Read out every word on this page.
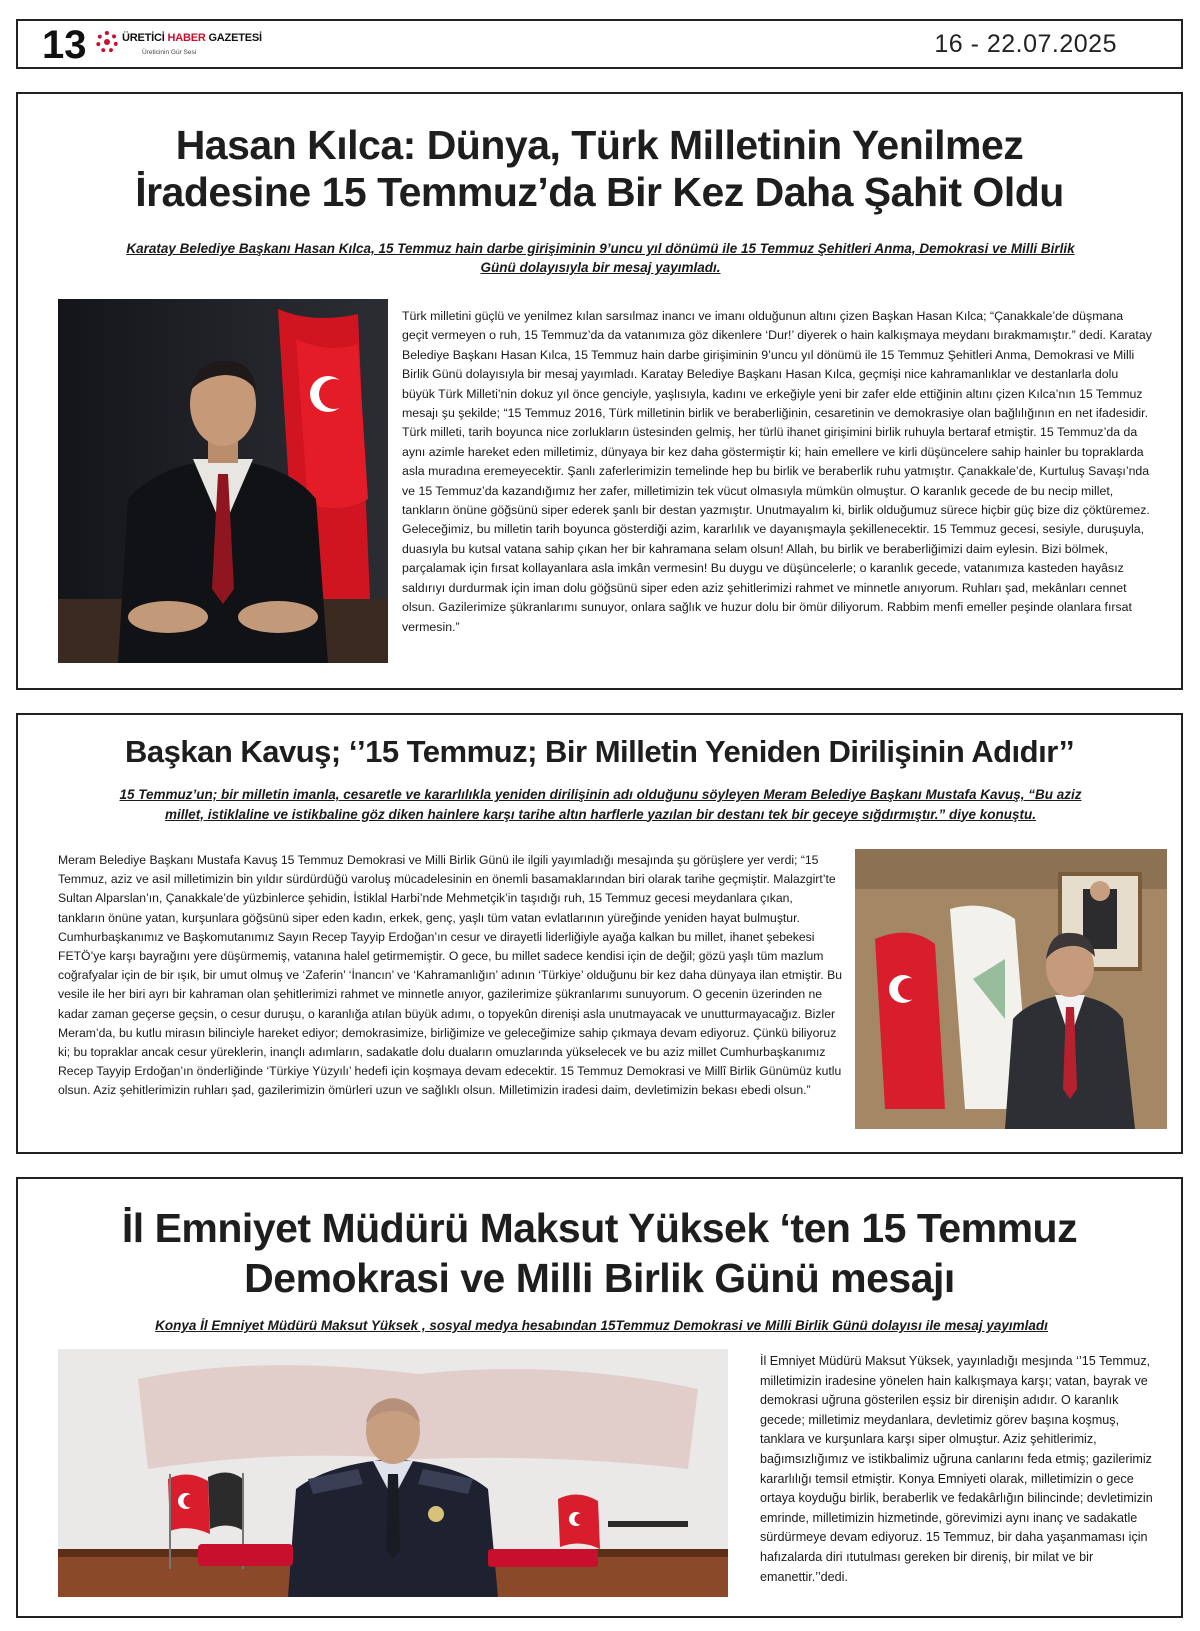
13	ÜRETİCİ HABER GAZETESİ
Üreticinin Gür Sesi	16 - 22.07.2025
Hasan Kılca: Dünya, Türk Milletinin Yenilmez
İradesine 15 Temmuz’da Bir Kez Daha Şahit Oldu
Karatay Belediye Başkanı Hasan Kılca, 15 Temmuz hain darbe girişiminin 9’uncu yıl dönümü ile 15 Temmuz Şehitleri Anma, Demokrasi ve Milli Birlik Günü dolayısıyla bir mesaj yayımladı.
Türk milletini güçlü ve yenilmez kılan sarsılmaz inancı ve imanı olduğunun altını çizen Başkan Hasan Kılca; “Çanakkale’de düşmana geçit vermeyen o ruh, 15 Temmuz’da da vatanımıza göz dikenlere ‘Dur!’ diyerek o hain kalkışmaya meydanı bırakmamıştır.” dedi. Karatay Belediye Başkanı Hasan Kılca, 15 Temmuz hain darbe girişiminin 9’uncu yıl dönümü ile 15 Temmuz Şehitleri Anma, Demokrasi ve Milli Birlik Günü dolayısıyla bir mesaj yayımladı. Karatay Belediye Başkanı Hasan Kılca, geçmişi nice kahramanlıklar ve destanlarla dolu büyük Türk Milleti’nin dokuz yıl önce genciyle, yaşlısıyla, kadını ve erkeğiyle yeni bir zafer elde ettiğinin altını çizen Kılca’nın 15 Temmuz mesajı şu şekilde; “15 Temmuz 2016, Türk milletinin birlik ve beraberliğinin, cesaretinin ve demokrasiye olan bağlılığının en net ifadesidir. Türk milleti, tarih boyunca nice zorlukların üstesinden gelmiş, her türlü ihanet girişimini birlik ruhuyla bertaraf etmiştir. 15 Temmuz’da da aynı azimle hareket eden milletimiz, dünyaya bir kez daha göstermiştir ki; hain emellere ve kirli düşüncelere sahip hainler bu topraklarda asla muradına eremeyecektir. Şanlı zaferlerimizin temelinde hep bu birlik ve beraberlik ruhu yatmıştır. Çanakkale’de, Kurtuluş Savaşı’nda ve 15 Temmuz’da kazandığımız her zafer, milletimizin tek vücut olmasıyla mümkün olmuştur. O karanlık gecede de bu necip millet, tankların önüne göğsünü siper ederek şanlı bir destan yazmıştır. Unutmayalım ki, birlik olduğumuz sürece hiçbir güç bize diz çöktüremez. Geleceğimiz, bu milletin tarih boyunca gösterdiği azim, kararlılık ve dayanışmayla şekillenecektir. 15 Temmuz gecesi, sesiyle, duruşuyla, duasıyla bu kutsal vatana sahip çıkan her bir kahramana selam olsun! Allah, bu birlik ve beraberliğimizi daim eylesin. Bizi bölmek, parçalamak için fırsat kollayanlara asla imkân vermesin! Bu duygu ve düşüncelerle; o karanlık gecede, vatanımıza kasteden hayâsız saldırıyı durdurmak için iman dolu göğsünü siper eden aziz şehitlerimizi rahmet ve minnetle anıyorum. Ruhları şad, mekânları cennet olsun. Gazilerimize şükranlarımı sunuyor, onlara sağlık ve huzur dolu bir ömür diliyorum. Rabbim menfi emeller peşinde olanlara fırsat vermesin.”
Başkan Kavuş; ‘’15 Temmuz; Bir Milletin Yeniden Dirilişinin Adıdır’’
15 Temmuz’un; bir milletin imanla, cesaretle ve kararlılıkla yeniden dirilişinin adı olduğunu söyleyen Meram Belediye Başkanı Mustafa Kavuş, “Bu aziz millet, istiklaline ve istikbaline göz diken hainlere karşı tarihe altın harflerle yazılan bir destanı tek bir geceye sığdırmıştır.” diye konuştu.
Meram Belediye Başkanı Mustafa Kavuş 15 Temmuz Demokrasi ve Milli Birlik Günü ile ilgili yayımladığı mesajında şu görüşlere yer verdi; “15 Temmuz, aziz ve asil milletimizin bin yıldır sürdürdüğü varoluş mücadelesinin en önemli basamaklarından biri olarak tarihe geçmiştir. Malazgirt’te Sultan Alparslan’ın, Çanakkale’de yüzbinlerce şehidin, İstiklal Harbi’nde Mehmetçik’in taşıdığı ruh, 15 Temmuz gecesi meydanlara çıkan, tankların önüne yatan, kurşunlara göğsünü siper eden kadın, erkek, genç, yaşlı tüm vatan evlatlarının yüreğinde yeniden hayat bulmuştur. Cumhurbaşkanımız ve Başkomutanımız Sayın Recep Tayyip Erdoğan’ın cesur ve dirayetli liderliğiyle ayağa kalkan bu millet, ihanet şebekesi FETÖ’ye karşı bayrağını yere düşürmemiş, vatanına halel getirmemiştir. O gece, bu millet sadece kendisi için de değil; gözü yaşlı tüm mazlum coğrafyalar için de bir ışık, bir umut olmuş ve ‘Zaferin’ ‘İnancın’ ve ‘Kahramanlığın’ adının ‘Türkiye’ olduğunu bir kez daha dünyaya ilan etmiştir. Bu vesile ile her biri ayrı bir kahraman olan şehitlerimizi rahmet ve minnetle anıyor, gazilerimize şükranlarımı sunuyorum. O gecenin üzerinden ne kadar zaman geçerse geçsin, o cesur duruşu, o karanlığa atılan büyük adımı, o topyekûn direnişi asla unutmayacak ve unutturmayacağız. Bizler Meram’da, bu kutlu mirasın bilinciyle hareket ediyor; demokrasimize, birliğimize ve geleceğimize sahip çıkmaya devam ediyoruz. Çünkü biliyoruz ki; bu topraklar ancak cesur yüreklerin, inançlı adımların, sadakatle dolu duaların omuzlarında yükselecek ve bu aziz millet Cumhurbaşkanımız Recep Tayyip Erdoğan’ın önderliğinde ‘Türkiye Yüzyılı’ hedefi için koşmaya devam edecektir. 15 Temmuz Demokrasi ve Millî Birlik Günümüz kutlu olsun. Aziz şehitlerimizin ruhları şad, gazilerimizin ömürleri uzun ve sağlıklı olsun. Milletimizin iradesi daim, devletimizin bekası ebedi olsun.”
İl Emniyet Müdürü Maksut Yüksek ‘ten 15 Temmuz
Demokrasi ve Milli Birlik Günü mesajı
Konya İl Emniyet Müdürü Maksut Yüksek , sosyal medya hesabından 15Temmuz Demokrasi ve Milli Birlik Günü dolayısı ile mesaj yayımladı
İl Emniyet Müdürü Maksut Yüksek, yayınladığı mesjında ‘’15 Temmuz, milletimizin iradesine yönelen hain kalkışmaya karşı; vatan, bayrak ve demokrasi uğruna gösterilen eşsiz bir direnişin adıdır. O karanlık gecede; milletimiz meydanlara, devletimiz görev başına koşmuş, tanklara ve kurşunlara karşı siper olmuştur. Aziz şehitlerimiz, bağımsızlığımız ve istikbalimiz uğruna canlarını feda etmiş; gazilerimiz kararlılığı temsil etmiştir. Konya Emniyeti olarak, milletimizin o gece ortaya koyduğu birlik, beraberlik ve fedakârlığın bilincinde; devletimizin emrinde, milletimizin hizmetinde, görevimizi aynı inanç ve sadakatle sürdürmeye devam ediyoruz. 15 Temmuz, bir daha yaşanmaması için hafızalarda diri ıtutulması gereken bir direniş, bir milat ve bir emanettir.’’dedi.
